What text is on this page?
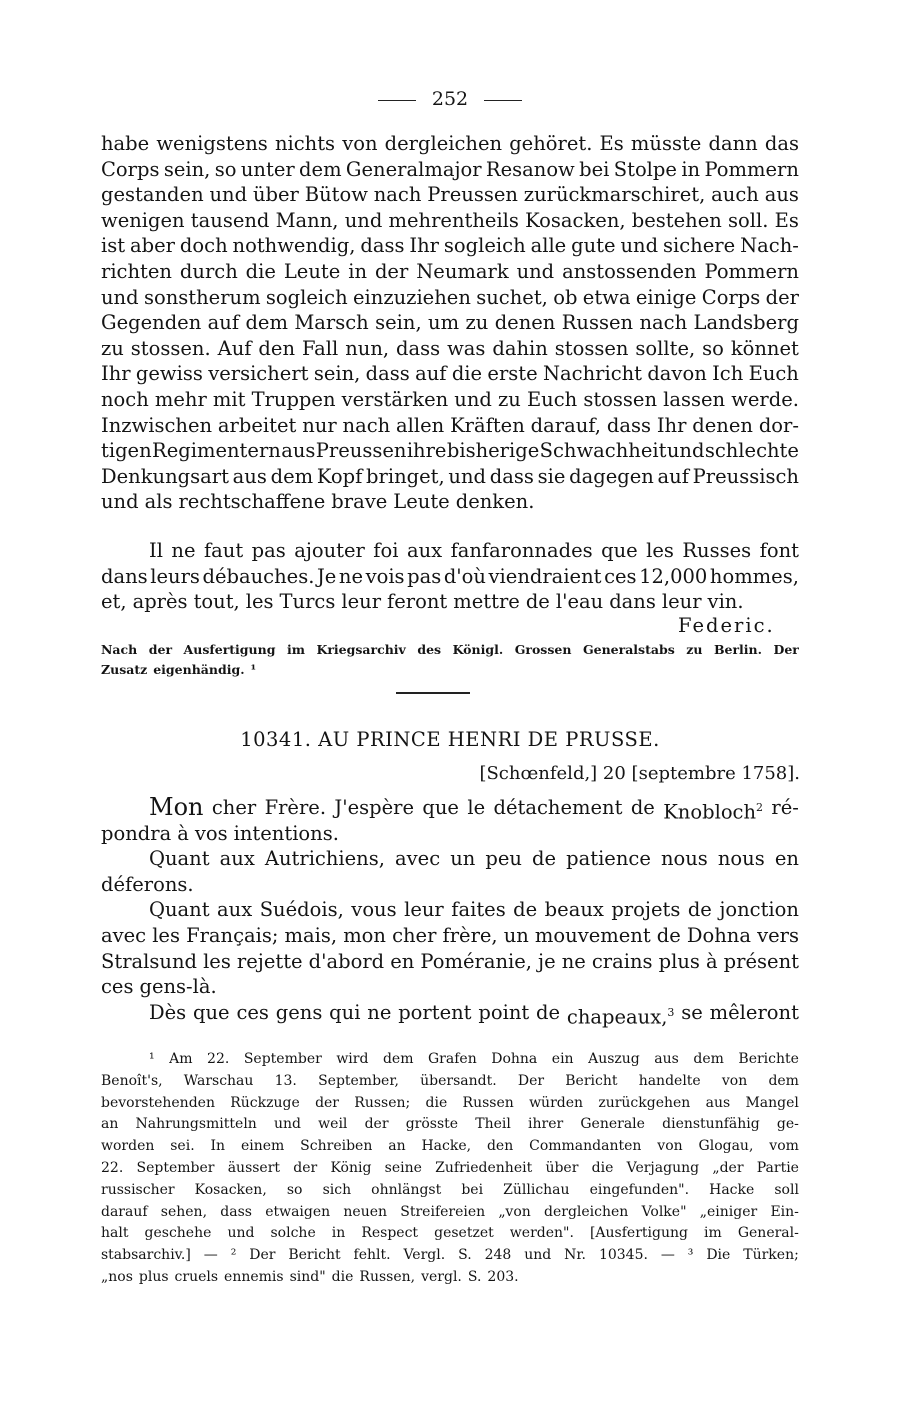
252
habe wenigstens nichts von dergleichen gehöret. Es müsste dann das
Corps sein, so unter dem Generalmajor Resanow bei Stolpe in Pommern
gestanden und über Bütow nach Preussen zurückmarschiret, auch aus
wenigen tausend Mann, und mehrentheils Kosacken, bestehen soll. Es
ist aber doch nothwendig, dass Ihr sogleich alle gute und sichere Nach-
richten durch die Leute in der Neumark und anstossenden Pommern
und sonstherum sogleich einzuziehen suchet, ob etwa einige Corps der
Gegenden auf dem Marsch sein, um zu denen Russen nach Landsberg
zu stossen. Auf den Fall nun, dass was dahin stossen sollte, so könnet
Ihr gewiss versichert sein, dass auf die erste Nachricht davon Ich Euch
noch mehr mit Truppen verstärken und zu Euch stossen lassen werde.
Inzwischen arbeitet nur nach allen Kräften darauf, dass Ihr denen dor-
tigen Regimentern aus Preussen ihre bisherige Schwachheit und schlechte
Denkungsart aus dem Kopf bringet, und dass sie dagegen auf Preussisch
und als rechtschaffene brave Leute denken.
Il ne faut pas ajouter foi aux fanfaronnades que les Russes font
dans leurs débauches. Je ne vois pas d'où viendraient ces 12,000 hommes,
et, après tout, les Turcs leur feront mettre de l'eau dans leur vin.
Federic.
Nach der Ausfertigung im Kriegsarchiv des Königl. Grossen Generalstabs zu Berlin. Der
Zusatz eigenhändig. ¹
10341. AU PRINCE HENRI DE PRUSSE.
[Schœnfeld,] 20 [septembre 1758].
Mon cher Frère. J'espère que le détachement de Knobloch$^2$ ré-
pondra à vos intentions.
Quant aux Autrichiens, avec un peu de patience nous nous en
déferons.
Quant aux Suédois, vous leur faites de beaux projets de jonction
avec les Français; mais, mon cher frère, un mouvement de Dohna vers
Stralsund les rejette d'abord en Poméranie, je ne crains plus à présent
ces gens-là.
Dès que ces gens qui ne portent point de chapeaux,$^3$ se mêleront
¹ Am 22. September wird dem Grafen Dohna ein Auszug aus dem Berichte
Benoît's, Warschau 13. September, übersandt. Der Bericht handelte von dem
bevorstehenden Rückzuge der Russen; die Russen würden zurückgehen aus Mangel
an Nahrungsmitteln und weil der grösste Theil ihrer Generale dienstunfähig ge-
worden sei. In einem Schreiben an Hacke, den Commandanten von Glogau, vom
22. September äussert der König seine Zufriedenheit über die Verjagung „der Partie
russischer Kosacken, so sich ohnlängst bei Züllichau eingefunden". Hacke soll
darauf sehen, dass etwaigen neuen Streifereien „von dergleichen Volke" „einiger Ein-
halt geschehe und solche in Respect gesetzet werden". [Ausfertigung im General-
stabsarchiv.] — ² Der Bericht fehlt. Vergl. S. 248 und Nr. 10345. — ³ Die Türken;
„nos plus cruels ennemis sind" die Russen, vergl. S. 203.
